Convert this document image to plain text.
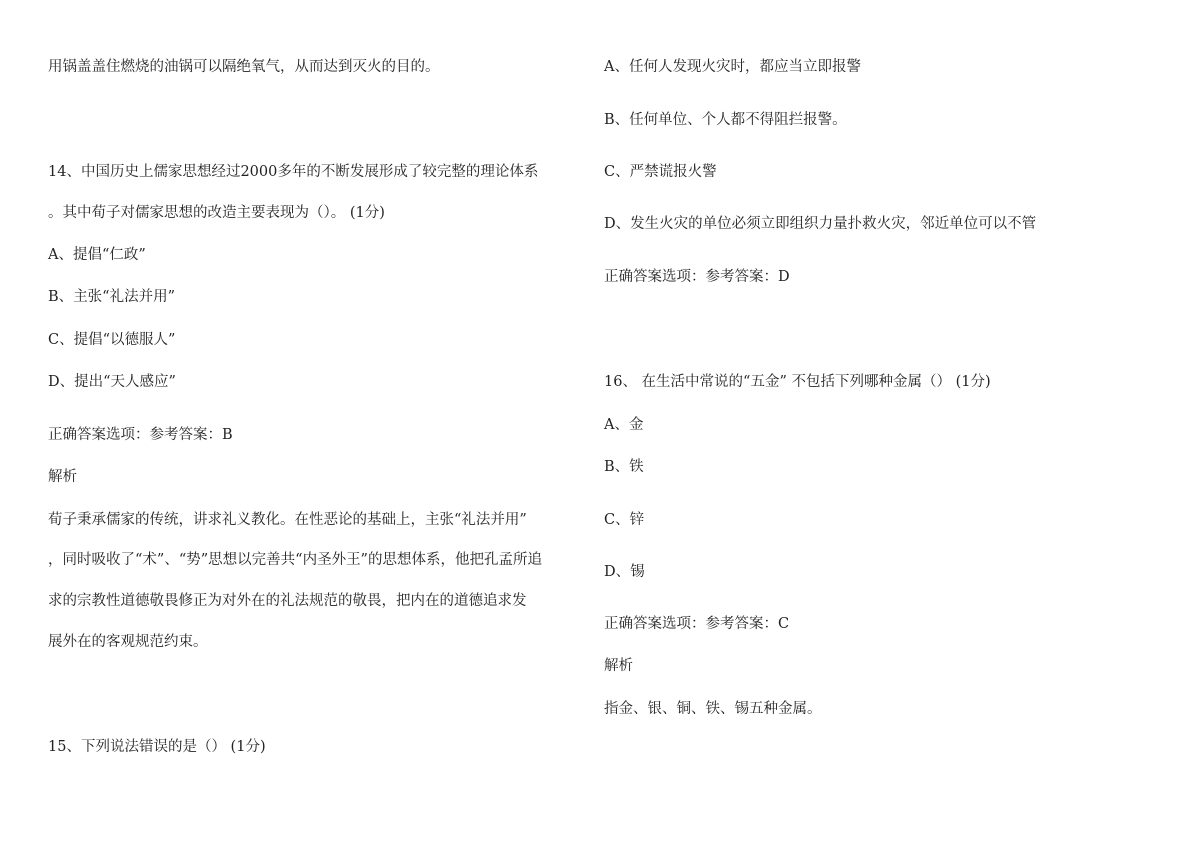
用锅盖盖住燃烧的油锅可以隔绝氧气，从而达到灭火的目的。

14、中国历史上儒家思想经过2000多年的不断发展形成了较完整的理论体系

。其中荀子对儒家思想的改造主要表现为（）。 (1分)

A、提倡“仁政”

B、主张“礼法并用”

C、提倡“以德服人”

D、提出“天人感应”

正确答案选项：参考答案：B

解析

荀子秉承儒家的传统，讲求礼义教化。在性恶论的基础上，主张“礼法并用”

，同时吸收了“术”、“势”思想以完善共“内圣外王”的思想体系，他把孔孟所追

求的宗教性道德敬畏修正为对外在的礼法规范的敬畏，把内在的道德追求发

展外在的客观规范约束。

15、下列说法错误的是（） (1分)

A、任何人发现火灾时，都应当立即报警

B、任何单位、个人都不得阻拦报警。

C、严禁谎报火警

D、发生火灾的单位必须立即组织力量扑救火灾，邻近单位可以不管

正确答案选项：参考答案：D

16、 在生活中常说的“五金” 不包括下列哪种金属（） (1分)

A、金

B、铁

C、锌

D、锡

正确答案选项：参考答案：C

解析

指金、银、铜、铁、锡五种金属。
